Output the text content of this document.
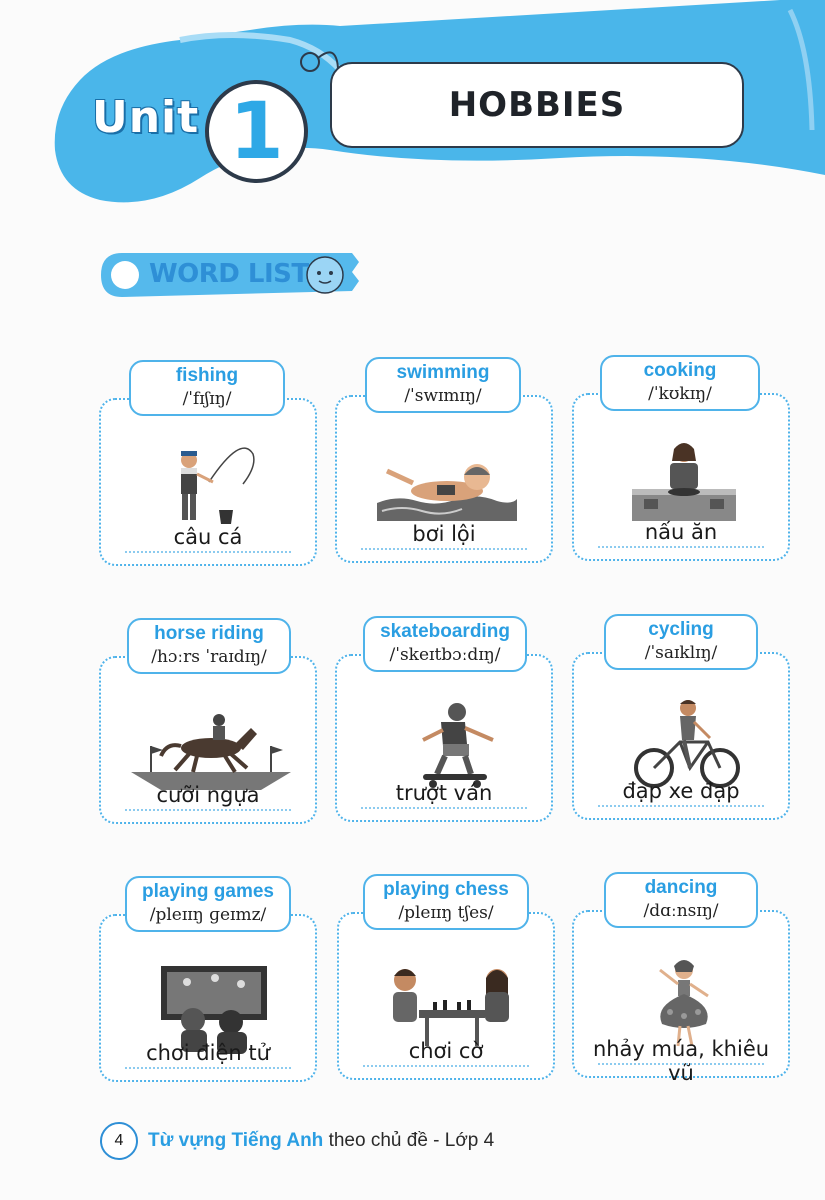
Unit 1	HOBBIES
WORD LIST
câu cá
fishing
/ˈfɪʃɪŋ/
bơi lội
swimming
/ˈswɪmɪŋ/
nấu ăn
cooking
/ˈkʊkɪŋ/
cưỡi ngựa
horse riding
/hɔːrs ˈraɪdɪŋ/
trượt ván
skateboarding
/ˈskeɪtbɔːdɪŋ/
đạp xe đạp
cycling
/ˈsaɪklɪŋ/
chơi điện tử
playing games
/pleɪɪŋ ɡeɪmz/
chơi cờ
playing chess
/pleɪɪŋ tʃes/
nhảy múa, khiêu vũ
dancing
/dɑːnsɪŋ/
4	Từ vựng Tiếng Anh theo chủ đề - Lớp 4
